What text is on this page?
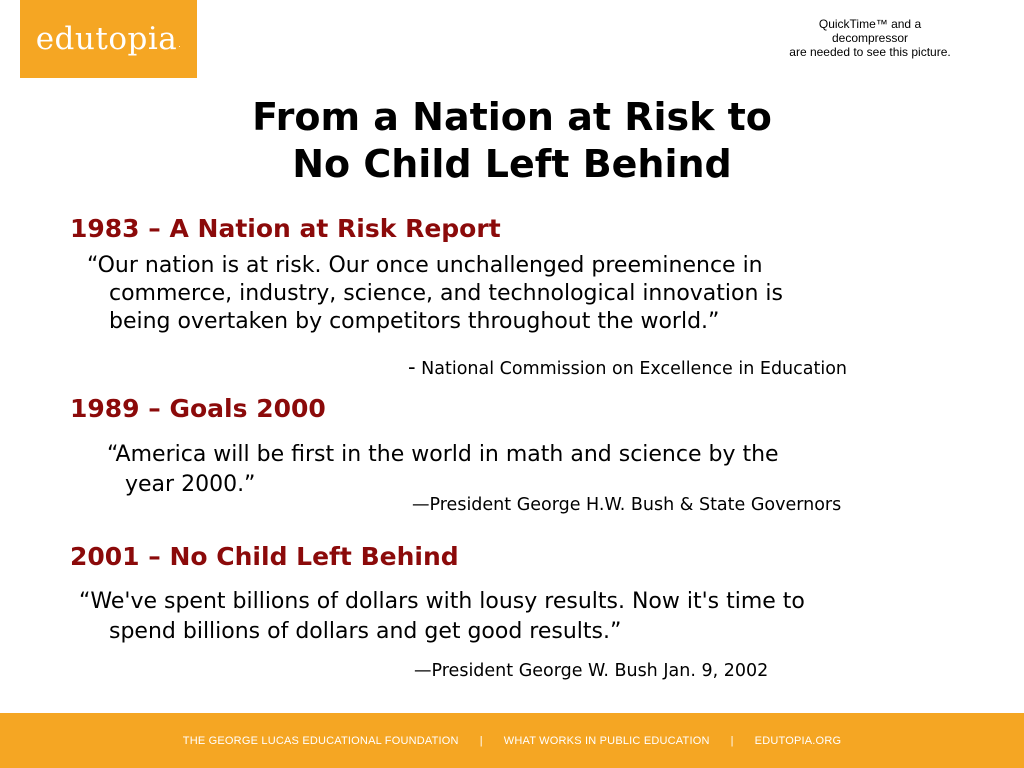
edutopia.
QuickTime™ and a
decompressor
are needed to see this picture.
From a Nation at Risk to
No Child Left Behind
1983 – A Nation at Risk Report
“Our nation is at risk. Our once unchallenged preeminence in
commerce, industry, science, and technological innovation is
being overtaken by competitors throughout the world.”
- National Commission on Excellence in Education
1989 – Goals 2000
“America will be first in the world in math and science by the
year 2000.”
—President George H.W. Bush & State Governors
2001 – No Child Left Behind
“We've spent billions of dollars with lousy results. Now it's time to
spend billions of dollars and get good results.”
—President George W. Bush Jan. 9, 2002
THE GEORGE LUCAS EDUCATIONAL FOUNDATION | WHAT WORKS IN PUBLIC EDUCATION | EDUTOPIA.ORG
